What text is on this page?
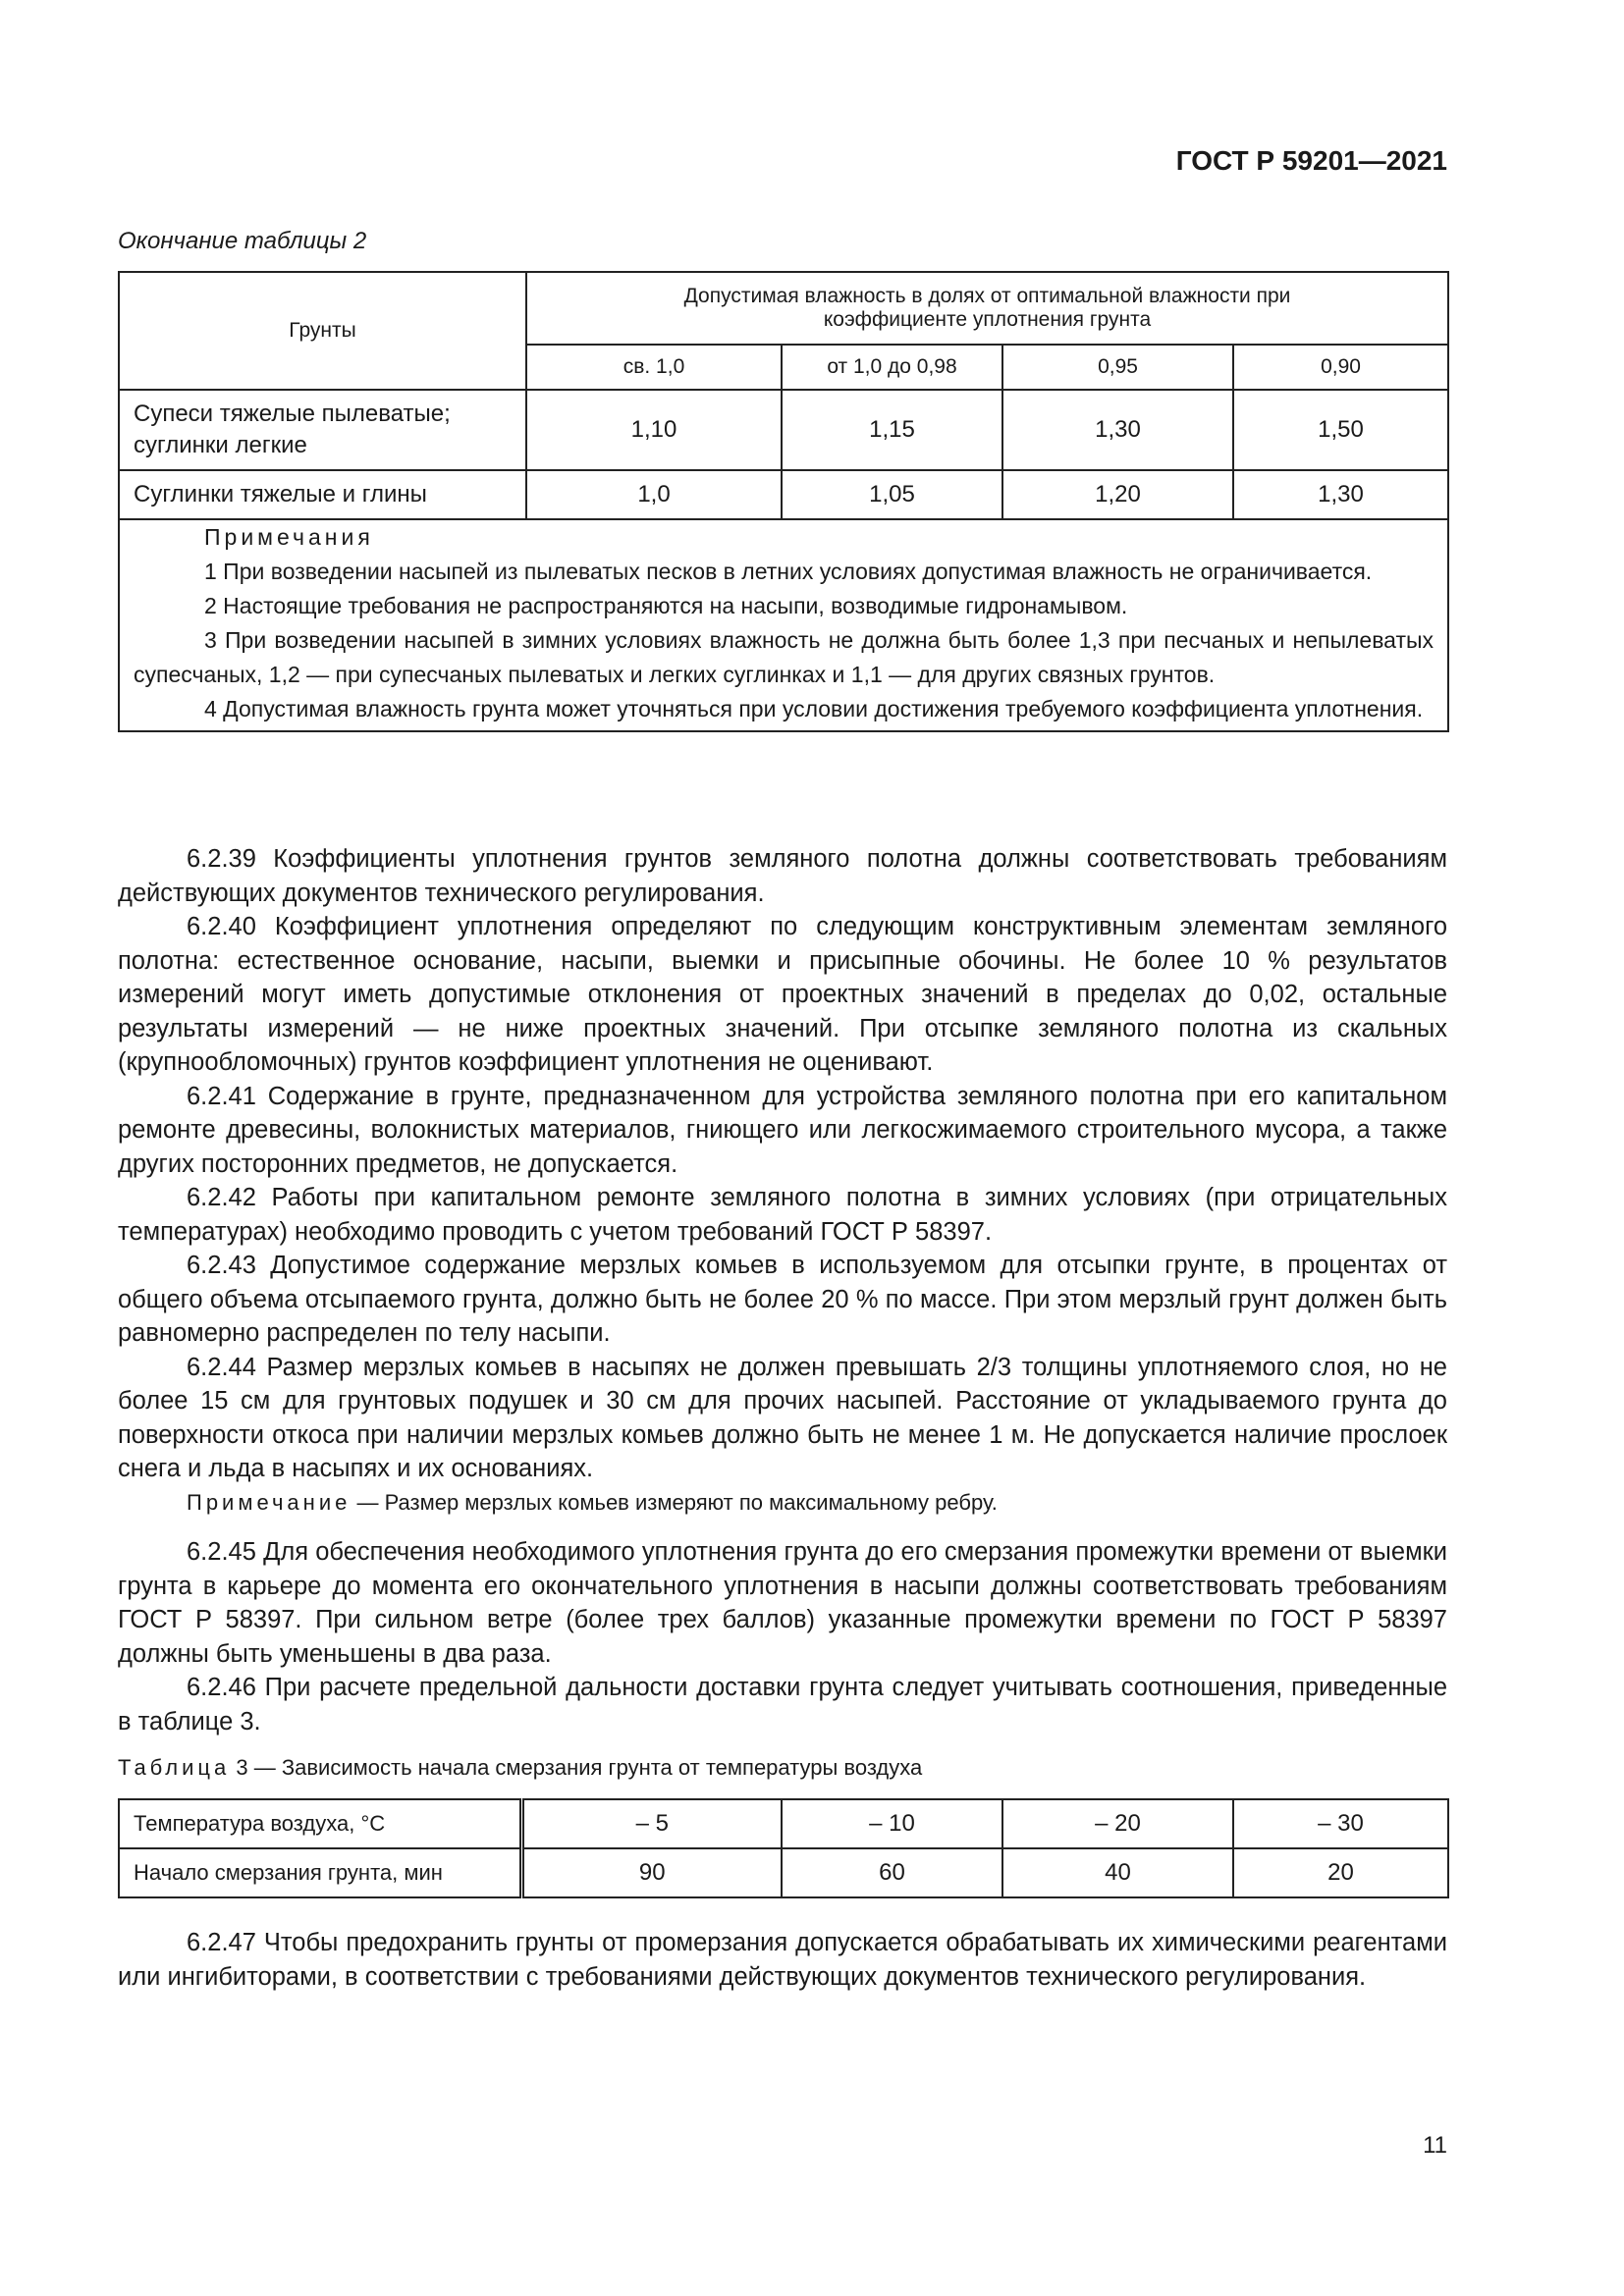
ГОСТ Р 59201—2021
Окончание таблицы 2
Грунты	Допустимая влажность в долях от оптимальной влажности при коэффициенте уплотнения грунта			
	св. 1,0	от 1,0 до 0,98	0,95	0,90
Супеси тяжелые пылеватые; суглинки легкие	1,10	1,15	1,30	1,50
Суглинки тяжелые и глины	1,0	1,05	1,20	1,30

Примечания

1 При возведении насыпей из пылеватых песков в летних условиях допустимая влажность не ограничивается.

2 Настоящие требования не распространяются на насыпи, возводимые гидронамывом.

3 При возведении насыпей в зимних условиях влажность не должна быть более 1,3 при песчаных и непылеватых супесчаных, 1,2 — при супесчаных пылеватых и легких суглинках и 1,1 — для других связных грунтов.

4 Допустимая влажность грунта может уточняться при условии достижения требуемого коэффициента уплотнения.				

6.2.39 Коэффициенты уплотнения грунтов земляного полотна должны соответствовать требованиям действующих документов технического регулирования.

6.2.40 Коэффициент уплотнения определяют по следующим конструктивным элементам земляного полотна: естественное основание, насыпи, выемки и присыпные обочины. Не более 10 % результатов измерений могут иметь допустимые отклонения от проектных значений в пределах до 0,02, остальные результаты измерений — не ниже проектных значений. При отсыпке земляного полотна из скальных (крупнообломочных) грунтов коэффициент уплотнения не оценивают.

6.2.41 Содержание в грунте, предназначенном для устройства земляного полотна при его капитальном ремонте древесины, волокнистых материалов, гниющего или легкосжимаемого строительного мусора, а также других посторонних предметов, не допускается.

6.2.42 Работы при капитальном ремонте земляного полотна в зимних условиях (при отрицательных температурах) необходимо проводить с учетом требований ГОСТ Р 58397.

6.2.43 Допустимое содержание мерзлых комьев в используемом для отсыпки грунте, в процентах от общего объема отсыпаемого грунта, должно быть не более 20 % по массе. При этом мерзлый грунт должен быть равномерно распределен по телу насыпи.

6.2.44 Размер мерзлых комьев в насыпях не должен превышать 2/3 толщины уплотняемого слоя, но не более 15 см для грунтовых подушек и 30 см для прочих насыпей. Расстояние от укладываемого грунта до поверхности откоса при наличии мерзлых комьев должно быть не менее 1 м. Не допускается наличие прослоек снега и льда в насыпях и их основаниях.

Примечание — Размер мерзлых комьев измеряют по максимальному ребру.

6.2.45 Для обеспечения необходимого уплотнения грунта до его смерзания промежутки времени от выемки грунта в карьере до момента его окончательного уплотнения в насыпи должны соответствовать требованиям ГОСТ Р 58397. При сильном ветре (более трех баллов) указанные промежутки времени по ГОСТ Р 58397 должны быть уменьшены в два раза.

6.2.46 При расчете предельной дальности доставки грунта следует учитывать соотношения, приведенные в таблице 3.

Таблица 3 — Зависимость начала смерзания грунта от температуры воздуха
Температура воздуха, °С	– 5	– 10	– 20	– 30
Начало смерзания грунта, мин	90	60	40	20

6.2.47 Чтобы предохранить грунты от промерзания допускается обрабатывать их химическими реагентами или ингибиторами, в соответствии с требованиями действующих документов технического регулирования.

11
